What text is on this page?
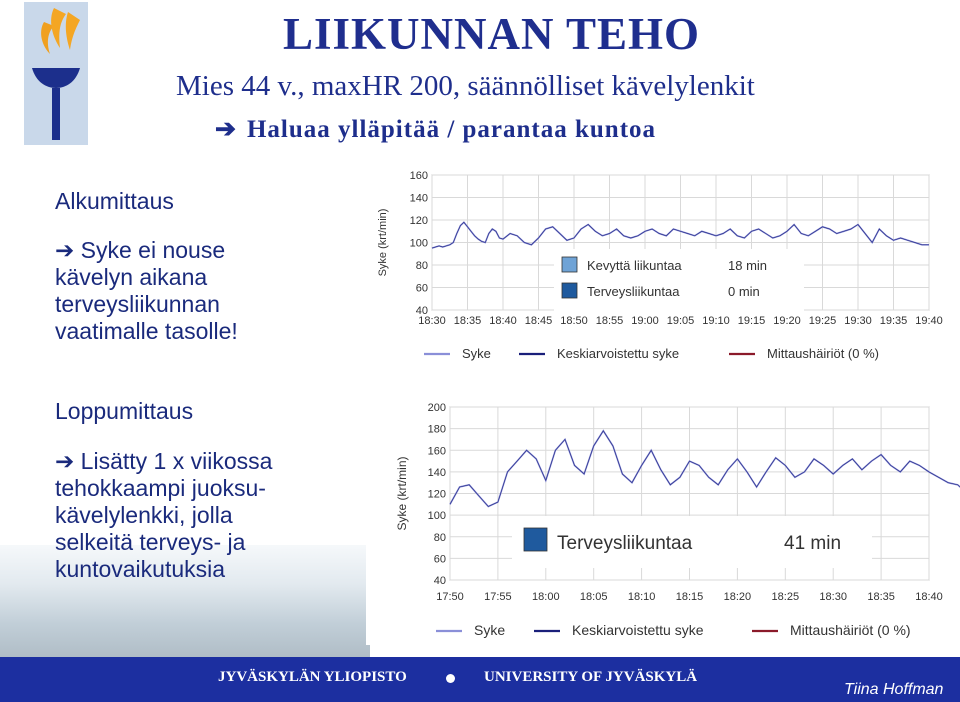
LIIKUNNAN TEHO
Mies 44 v., maxHR 200, säännölliset kävelylenkit
➔ Haluaa ylläpitää / parantaa kuntoa
Alkumittaus
➔ Syke ei nouse
kävelyn aikana
terveysliikunnan
vaatimalle tasolle!
Loppumittaus
➔ Lisätty 1 x viikossa
tehokkaampi juoksu-
kävelylenkki, jolla
selkeitä terveys- ja
kuntovaikutuksia
160
140
120
100
80
60
40
18:30 18:35 18:40 18:45 18:50 18:55 19:00 19:05 19:10 19:15 19:20 19:25 19:30 19:35 19:40
Syke (krt/min)	Kevyttä liikuntaa	18 min
Terveysliikuntaa	0 min
Syke	Keskiarvoistettu syke	Mittaushäiriöt (0 %)
200
180
160
140
120
100
80
60
40
17:50 17:55 18:00 18:05 18:10 18:15 18:20 18:25 18:30 18:35 18:40
Syke (krt/min)
Terveysliikuntaa	41 min
Syke	Keskiarvoistettu syke	Mittaushäiriöt (0 %)
JYVÄSKYLÄN YLIOPISTO	UNIVERSITY OF JYVÄSKYLÄ
Tiina Hoffman
